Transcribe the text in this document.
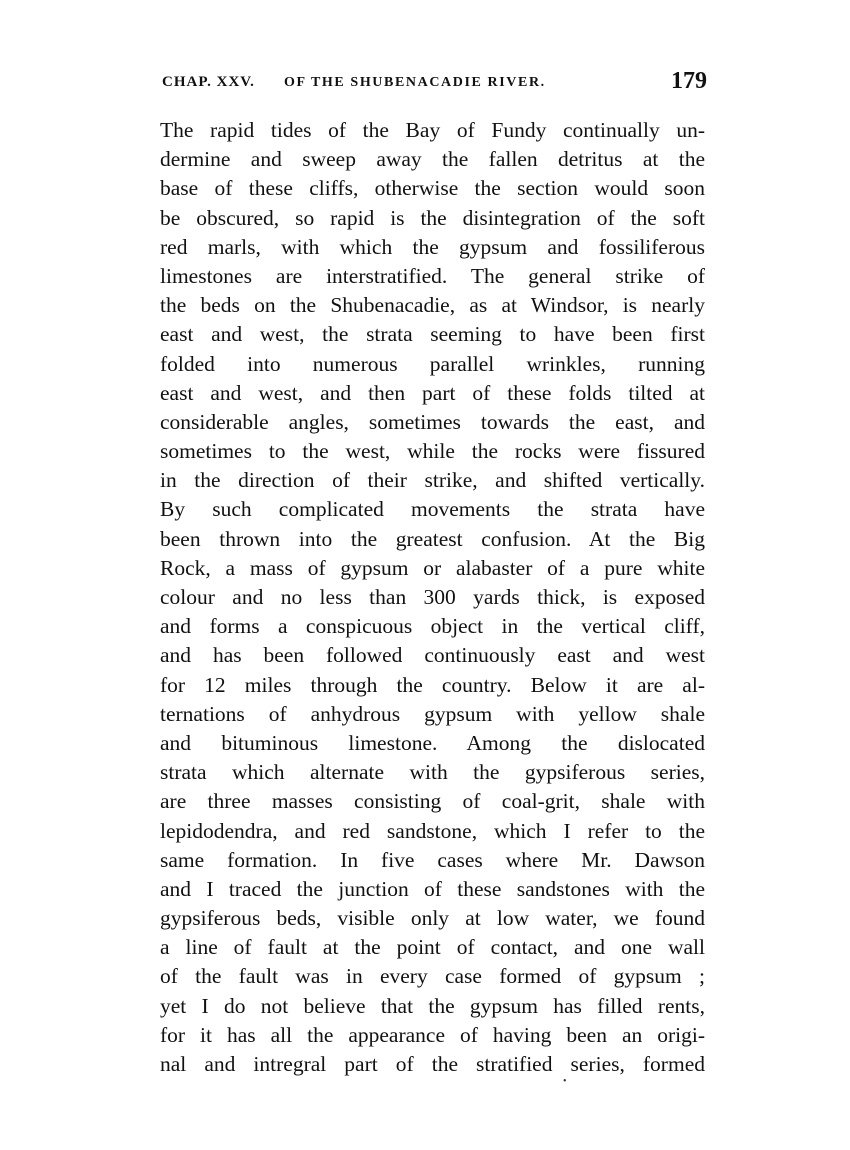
CHAP. XXV. OF THE SHUBENACADIE RIVER.	179
The rapid tides of the Bay of Fundy continually un-
dermine and sweep away the fallen detritus at the
base of these cliffs, otherwise the section would soon
be obscured, so rapid is the disintegration of the soft
red marls, with which the gypsum and fossiliferous
limestones are interstratified. The general strike of
the beds on the Shubenacadie, as at Windsor, is nearly
east and west, the strata seeming to have been first
folded into numerous parallel wrinkles, running
east and west, and then part of these folds tilted at
considerable angles, sometimes towards the east, and
sometimes to the west, while the rocks were fissured
in the direction of their strike, and shifted vertically.
By such complicated movements the strata have
been thrown into the greatest confusion. At the Big
Rock, a mass of gypsum or alabaster of a pure white
colour and no less than 300 yards thick, is exposed
and forms a conspicuous object in the vertical cliff,
and has been followed continuously east and west
for 12 miles through the country. Below it are al-
ternations of anhydrous gypsum with yellow shale
and bituminous limestone. Among the dislocated
strata which alternate with the gypsiferous series,
are three masses consisting of coal-grit, shale with
lepidodendra, and red sandstone, which I refer to the
same formation. In five cases where Mr. Dawson
and I traced the junction of these sandstones with the
gypsiferous beds, visible only at low water, we found
a line of fault at the point of contact, and one wall
of the fault was in every case formed of gypsum ;
yet I do not believe that the gypsum has filled rents,
for it has all the appearance of having been an origi-
nal and intregral part of the stratified series, formed
•
